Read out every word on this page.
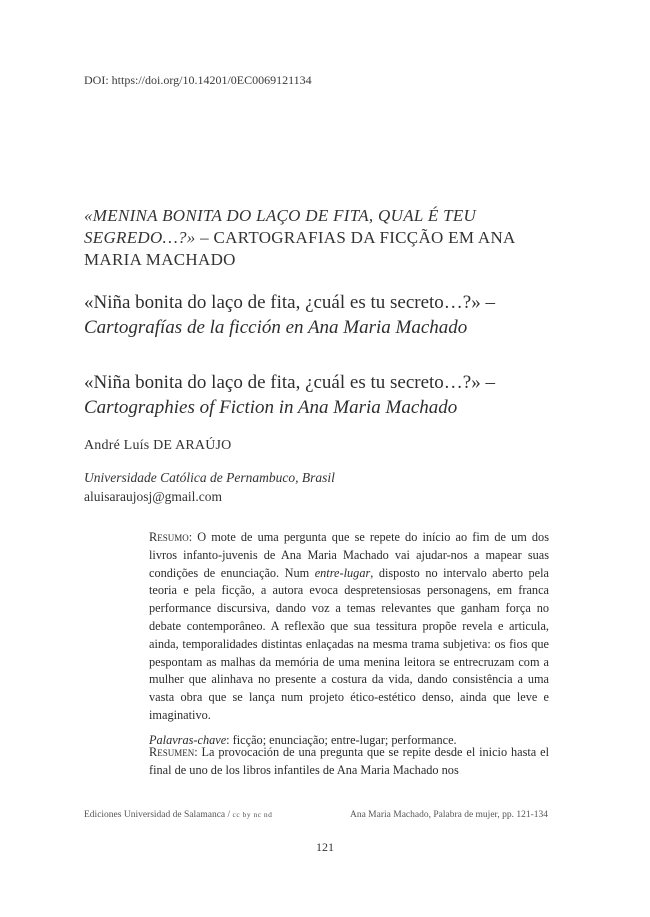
DOI: https://doi.org/10.14201/0EC0069121134
«MENINA BONITA DO LAÇO DE FITA, QUAL É TEU SEGREDO…?» – CARTOGRAFIAS DA FICÇÃO EM ANA MARIA MACHADO
«Niña bonita do laço de fita, ¿cuál es tu secreto…?» –
Cartografías de la ficción en Ana Maria Machado
«Niña bonita do laço de fita, ¿cuál es tu secreto…?» –
Cartographies of Fiction in Ana Maria Machado
André Luís DE ARAÚJO
Universidade Católica de Pernambuco, Brasil
aluisaraujosj@gmail.com

Resumo: O mote de uma pergunta que se repete do início ao fim de um dos livros infanto-juvenis de Ana Maria Machado vai ajudar-nos a mapear suas condições de enunciação. Num entre-lugar, disposto no intervalo aberto pela teoria e pela ficção, a autora evoca despretensiosas personagens, em franca performance discursiva, dando voz a temas relevantes que ganham força no debate contemporâneo. A reflexão que sua tessitura propõe revela e articula, ainda, temporalidades distintas enlaçadas na mesma trama subjetiva: os fios que pespontam as malhas da memória de uma menina leitora se entrecruzam com a mulher que alinhava no presente a costura da vida, dando consistência a uma vasta obra que se lança num projeto ético-estético denso, ainda que leve e imaginativo.

Palavras-chave: ficção; enunciação; entre-lugar; performance.

Resumen: La provocación de una pregunta que se repite desde el inicio hasta el final de uno de los libros infantiles de Ana Maria Machado nos

Ediciones Universidad de Salamanca / cc by nc nd	Ana Maria Machado, Palabra de mujer, pp. 121-134
121
